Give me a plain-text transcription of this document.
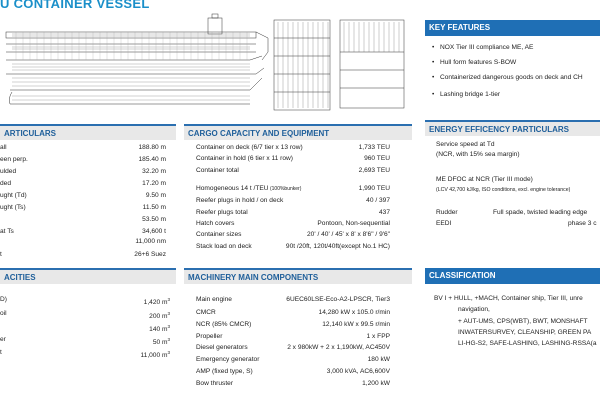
U CONTAINER VESSEL
KEY FEATURES
• NOX Tier III compliance ME, AE
• Hull form features S-BOW
• Containerized dangerous goods on deck and CH
• Lashing bridge 1-tier
ARTICULARS
all	188.80 m
een perp.	185.40 m
ulded	32.20 m
ded	17.20 m
ught (Td)	9.50 m
ught (Ts)	11.50 m
53.50 m
at Ts	34,600 t
11,000 nm
t	26+6 Suez
ACITIES
D)	1,420 $m^3$
oil	200 $m^3$
140 $m^3$
er	50 $m^3$
t	11,000 $m^3$
CARGO CAPACITY AND EQUIPMENT
Container on deck (6/7 tier x 13 row)	1,733 TEU
Container in hold (6 tier x 11 row)	960 TEU
Container total	2,693 TEU
Homogeneous 14 t /TEU (100%bunker)	1,990 TEU
Reefer plugs in hold / on deck	40 / 397
Reefer plugs total	437
Hatch covers	Pontoon, Non-sequential
Container sizes	20' / 40' / 45' x 8' x 8'6" / 9'6"
Stack load on deck	90t /20ft, 120t/40ft(except No.1 HC)
MACHINERY MAIN COMPONENTS
Main engine	6UEC60LSE-Eco-A2-LPSCR, Tier3
CMCR	14,280 kW x 105.0 r/min
NCR (85% CMCR)	12,140 kW x 99.5 r/min
Propeller	1 x FPP
Diesel generators	2 x 980kW + 2 x 1,190kW, AC450V
Emergency generator	180 kW
AMP (fixed type, S)	3,000 kVA, AC6,600V
Bow thruster	1,200 kW
ENERGY EFFICENCY PARTICULARS
Service speed at Td
(NCR, with 15% sea margin)
ME DFOC at NCR (Tier III mode)
(LCV 42,700 kJ/kg, ISO conditions, excl. engine tolerance)
Rudder	Full spade, twisted leading edge
EEDI	phase 3 c
CLASSIFICATION
BV I + HULL, +MACH, Container ship, Tier III, unre
navigation,
+ AUT-UMS, CPS(WBT), BWT, MONSHAFT
INWATERSURVEY, CLEANSHIP, GREEN PA
LI-HG-S2, SAFE-LASHING, LASHING-RSSA(a
